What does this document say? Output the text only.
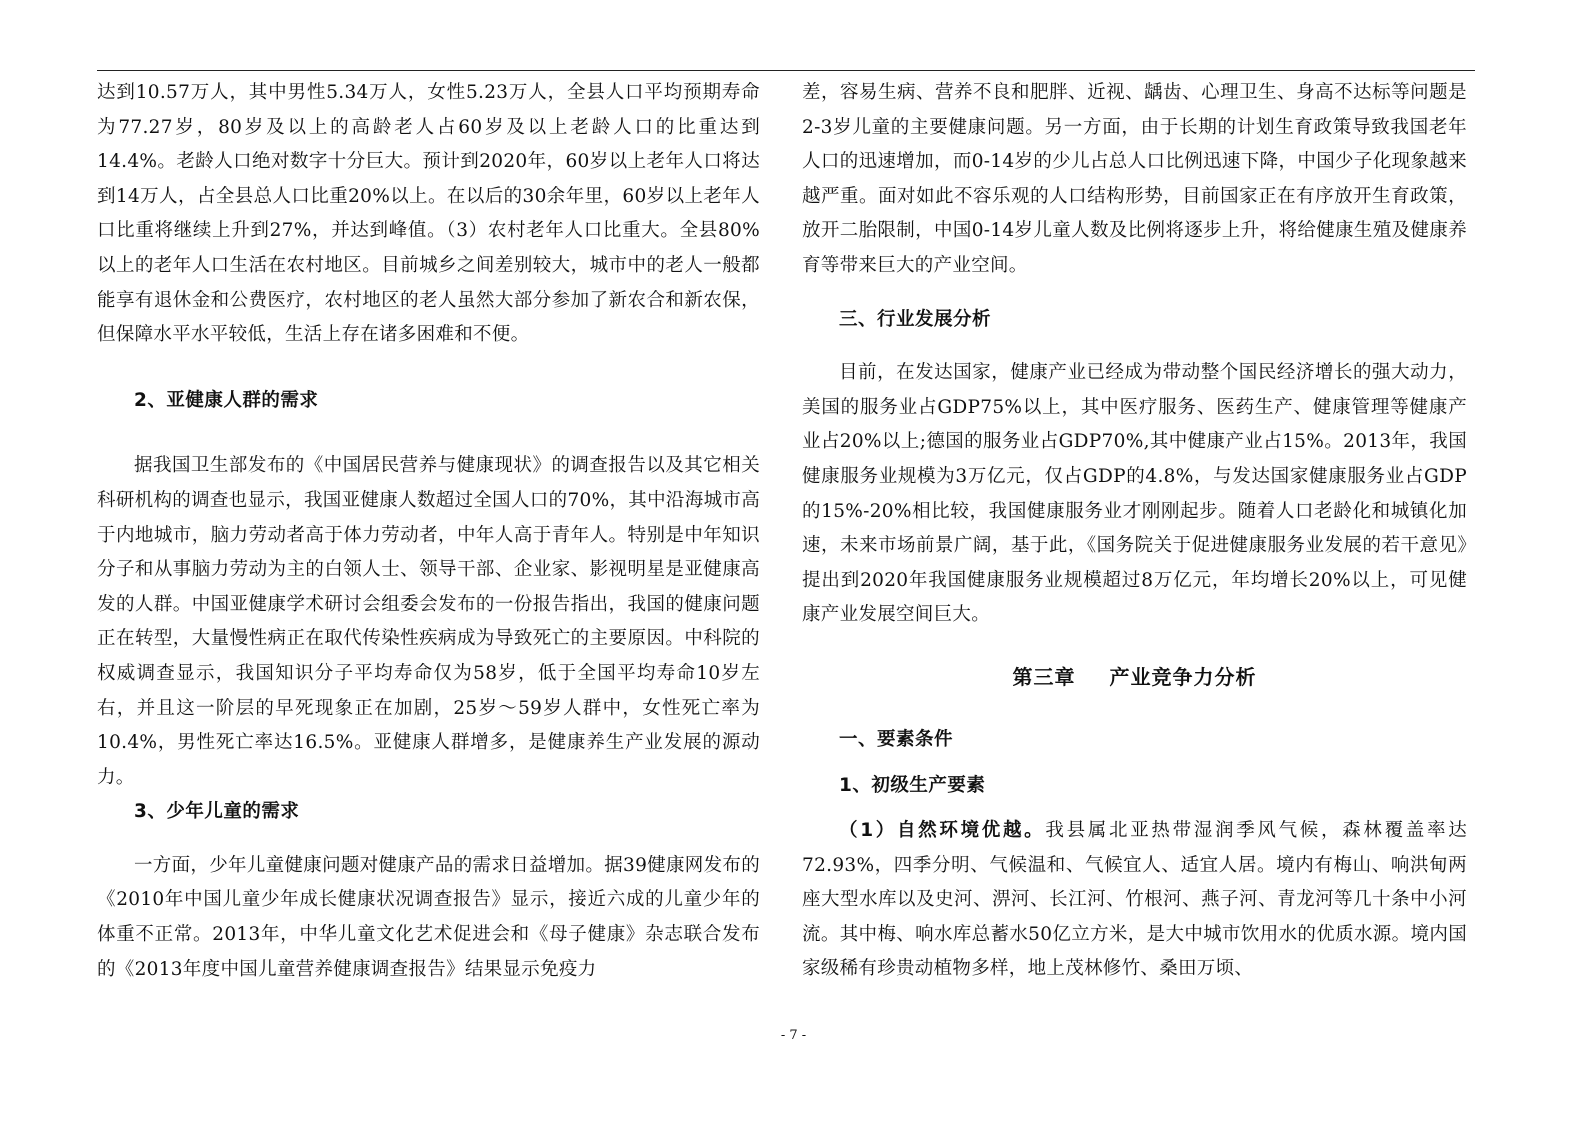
达到10.57万人，其中男性5.34万人，女性5.23万人，全县人口平均预期寿命为77.27岁，80岁及以上的高龄老人占60岁及以上老龄人口的比重达到14.4%。老龄人口绝对数字十分巨大。预计到2020年，60岁以上老年人口将达到14万人，占全县总人口比重20%以上。在以后的30余年里，60岁以上老年人口比重将继续上升到27%，并达到峰值。（3）农村老年人口比重大。全县80%以上的老年人口生活在农村地区。目前城乡之间差别较大，城市中的老人一般都能享有退休金和公费医疗，农村地区的老人虽然大部分参加了新农合和新农保，但保障水平水平较低，生活上存在诸多困难和不便。

2、亚健康人群的需求

据我国卫生部发布的《中国居民营养与健康现状》的调查报告以及其它相关科研机构的调查也显示，我国亚健康人数超过全国人口的70%，其中沿海城市高于内地城市，脑力劳动者高于体力劳动者，中年人高于青年人。特别是中年知识分子和从事脑力劳动为主的白领人士、领导干部、企业家、影视明星是亚健康高发的人群。中国亚健康学术研讨会组委会发布的一份报告指出，我国的健康问题正在转型，大量慢性病正在取代传染性疾病成为导致死亡的主要原因。中科院的权威调查显示，我国知识分子平均寿命仅为58岁，低于全国平均寿命10岁左右，并且这一阶层的早死现象正在加剧，25岁～59岁人群中，女性死亡率为10.4%，男性死亡率达16.5%。亚健康人群增多，是健康养生产业发展的源动力。

3、少年儿童的需求

一方面，少年儿童健康问题对健康产品的需求日益增加。据39健康网发布的《2010年中国儿童少年成长健康状况调查报告》显示，接近六成的儿童少年的体重不正常。2013年，中华儿童文化艺术促进会和《母子健康》杂志联合发布的《2013年度中国儿童营养健康调查报告》结果显示免疫力

差，容易生病、营养不良和肥胖、近视、龋齿、心理卫生、身高不达标等问题是2-3岁儿童的主要健康问题。另一方面，由于长期的计划生育政策导致我国老年人口的迅速增加，而0-14岁的少儿占总人口比例迅速下降，中国少子化现象越来越严重。面对如此不容乐观的人口结构形势，目前国家正在有序放开生育政策，放开二胎限制，中国0-14岁儿童人数及比例将逐步上升，将给健康生殖及健康养育等带来巨大的产业空间。

三、行业发展分析

目前，在发达国家，健康产业已经成为带动整个国民经济增长的强大动力，美国的服务业占GDP75%以上，其中医疗服务、医药生产、健康管理等健康产业占20%以上;德国的服务业占GDP70%,其中健康产业占15%。2013年，我国健康服务业规模为3万亿元，仅占GDP的4.8%，与发达国家健康服务业占GDP的15%-20%相比较，我国健康服务业才刚刚起步。随着人口老龄化和城镇化加速，未来市场前景广阔，基于此，《国务院关于促进健康服务业发展的若干意见》提出到2020年我国健康服务业规模超过8万亿元，年均增长20%以上，可见健康产业发展空间巨大。

第三章 产业竞争力分析

一、要素条件

1、初级生产要素

（1）自然环境优越。我县属北亚热带湿润季风气候，森林覆盖率达72.93%，四季分明、气候温和、气候宜人、适宜人居。境内有梅山、响洪甸两座大型水库以及史河、淠河、长江河、竹根河、燕子河、青龙河等几十条中小河流。其中梅、响水库总蓄水50亿立方米，是大中城市饮用水的优质水源。境内国家级稀有珍贵动植物多样，地上茂林修竹、桑田万顷、

- 7 -
